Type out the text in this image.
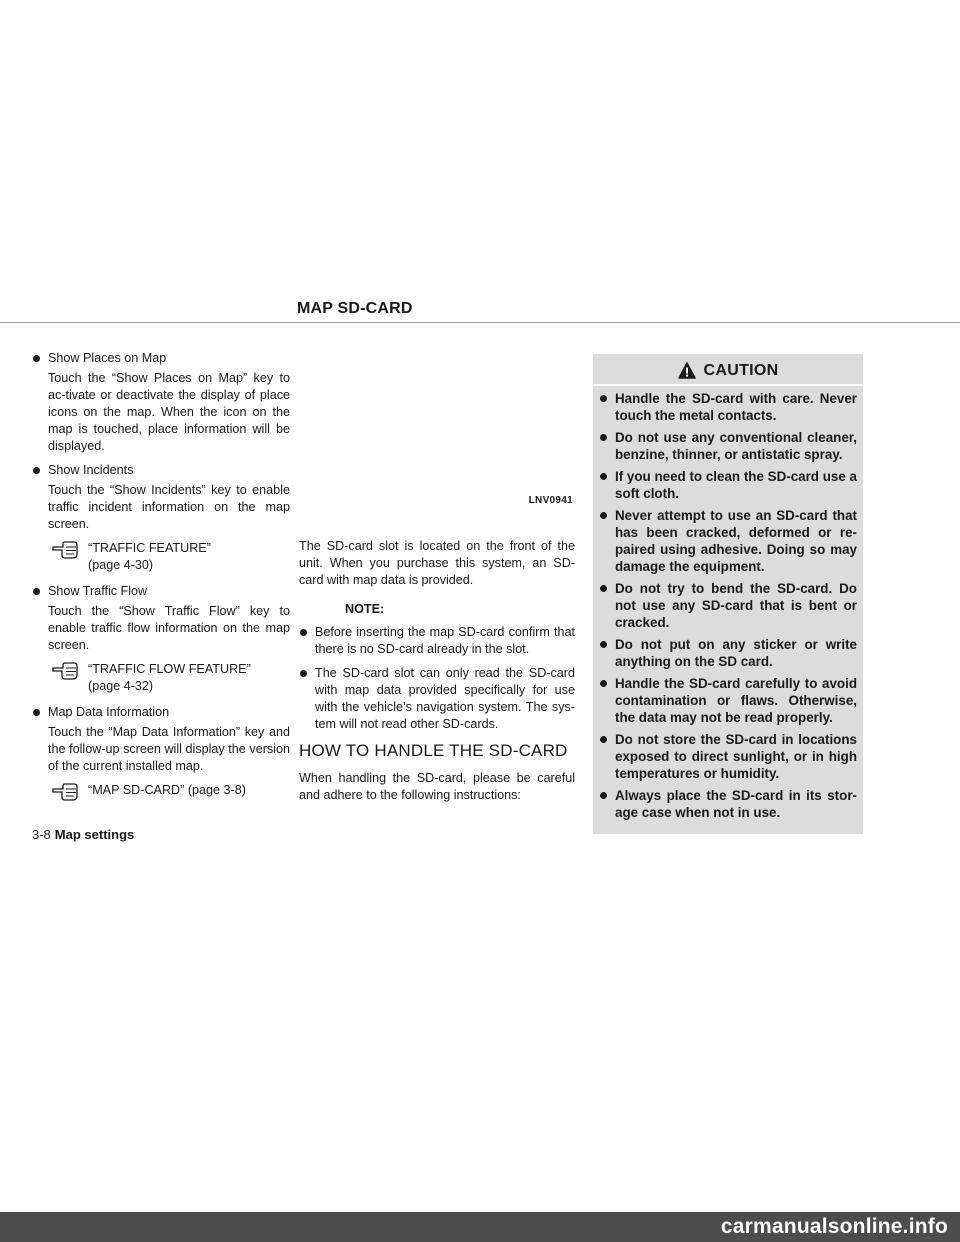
MAP SD-CARD
Show Places on Map
Touch the “Show Places on Map” key to ac-tivate or deactivate the display of place icons on the map. When the icon on the map is touched, place information will be displayed.
Show Incidents
Touch the “Show Incidents” key to enable traffic incident information on the map screen.
“TRAFFIC FEATURE”
(page 4-30)
Show Traffic Flow
Touch the “Show Traffic Flow” key to enable traffic flow information on the map screen.
“TRAFFIC FLOW FEATURE”
(page 4-32)
Map Data Information
Touch the “Map Data Information” key and the follow-up screen will display the version of the current installed map.
“MAP SD-CARD” (page 3-8)
LNV0941

The SD-card slot is located on the front of the unit. When you purchase this system, an SD-card with map data is provided.

NOTE:
Before inserting the map SD-card confirm that there is no SD-card already in the slot.
The SD-card slot can only read the SD-card with map data provided specifically for use with the vehicle’s navigation system. The sys-tem will not read other SD-cards.
HOW TO HANDLE THE SD-CARD

When handling the SD-card, please be careful and adhere to the following instructions:

CAUTION
Handle the SD-card with care. Never touch the metal contacts.
Do not use any conventional cleaner, benzine, thinner, or antistatic spray.
If you need to clean the SD-card use a soft cloth.
Never attempt to use an SD-card that has been cracked, deformed or re-paired using adhesive. Doing so may damage the equipment.
Do not try to bend the SD-card. Do not use any SD-card that is bent or cracked.
Do not put on any sticker or write anything on the SD card.
Handle the SD-card carefully to avoid contamination or flaws. Otherwise, the data may not be read properly.
Do not store the SD-card in locations exposed to direct sunlight, or in high temperatures or humidity.
Always place the SD-card in its stor-age case when not in use.
3-8 Map settings
carmanualsonline.info
